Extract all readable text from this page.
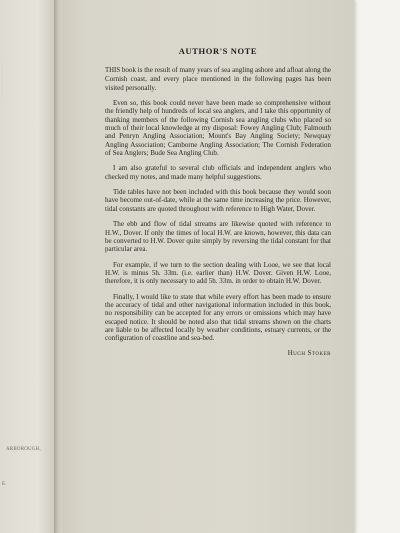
ARBOROUGH,
E.
AUTHOR'S NOTE

THIS book is the result of many years of sea angling ashore and afloat along the Cornish coast, and every place mentioned in the following pages has been visited personally.

Even so, this book could never have been made so comprehensive without the friendly help of hundreds of local sea anglers, and I take this opportunity of thanking members of the following Cornish sea angling clubs who placed so much of their local knowledge at my disposal: Fowey Angling Club; Falmouth and Penryn Angling Association; Mount's Bay Angling Society; Newquay Angling Association; Camborne Angling Association; The Cornish Federation of Sea Anglers; Bude Sea Angling Club.

I am also grateful to several club officials and independent anglers who checked my notes, and made many helpful suggestions.

Tide tables have not been included with this book because they would soon have become out-of-date, while at the same time increasing the price. However, tidal constants are quoted throughout with reference to High Water, Dover.

The ebb and flow of tidal streams are likewise quoted with reference to H.W., Dover. If only the times of local H.W. are known, however, this data can be converted to H.W. Dover quite simply by reversing the tidal constant for that particular area.

For example, if we turn to the section dealing with Looe, we see that local H.W. is minus 5h. 33m. (i.e. earlier than) H.W. Dover. Given H.W. Looe, therefore, it is only necessary to add 5h. 33m. in order to obtain H.W. Dover.

Finally, I would like to state that while every effort has been made to ensure the accuracy of tidal and other navigational information included in this book, no responsibility can be accepted for any errors or omissions which may have escaped notice. It should be noted also that tidal streams shown on the charts are liable to be affected locally by weather conditions, estuary currents, or the configuration of coastline and sea-bed.

Hugh Stoker
